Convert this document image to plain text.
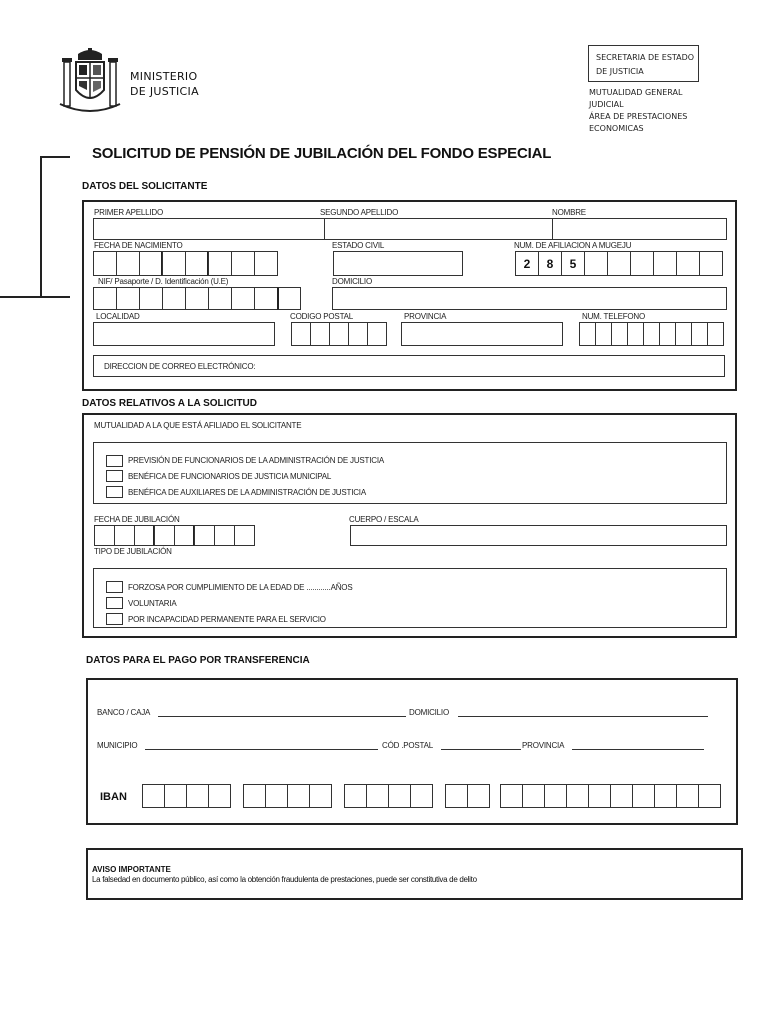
MINISTERIO
DE JUSTICIA
SECRETARIA DE ESTADO
DE JUSTICIA
MUTUALIDAD GENERAL
JUDICIAL
ÁREA DE PRESTACIONES
ECONOMICAS
SOLICITUD DE PENSIÓN DE JUBILACIÓN DEL FONDO ESPECIAL
DATOS DEL SOLICITANTE
PRIMER APELLIDO	SEGUNDO APELLIDO	NOMBRE
FECHA DE NACIMIENTO	ESTADO CIVIL	NUM. DE AFILIACION A MUGEJU
2	8	5
NIF/ Pasaporte / D. Identificación (U.E)	DOMICILIO
LOCALIDAD	CODIGO POSTAL	PROVINCIA	NUM. TELEFONO
DIRECCION DE CORREO ELECTRÓNICO:
DATOS RELATIVOS A LA SOLICITUD
MUTUALIDAD A LA QUE ESTÁ AFILIADO EL SOLICITANTE
PREVISIÓN DE FUNCIONARIOS DE LA ADMINISTRACIÓN DE JUSTICIA
BENÉFICA DE FUNCIONARIOS DE JUSTICIA MUNICIPAL
BENÉFICA DE AUXILIARES DE LA ADMINISTRACIÓN DE JUSTICIA
FECHA DE JUBILACIÓN	CUERPO / ESCALA
TIPO DE JUBILACIÓN
FORZOSA POR CUMPLIMIENTO DE LA EDAD DE ............AÑOS
VOLUNTARIA
POR INCAPACIDAD PERMANENTE PARA EL SERVICIO
DATOS PARA EL PAGO POR TRANSFERENCIA
BANCO / CAJA	DOMICILIO
MUNICIPIO	CÓD .POSTAL	PROVINCIA
IBAN
AVISO IMPORTANTE
La falsedad en documento público, así como la obtención fraudulenta de prestaciones, puede ser constitutiva de delito
